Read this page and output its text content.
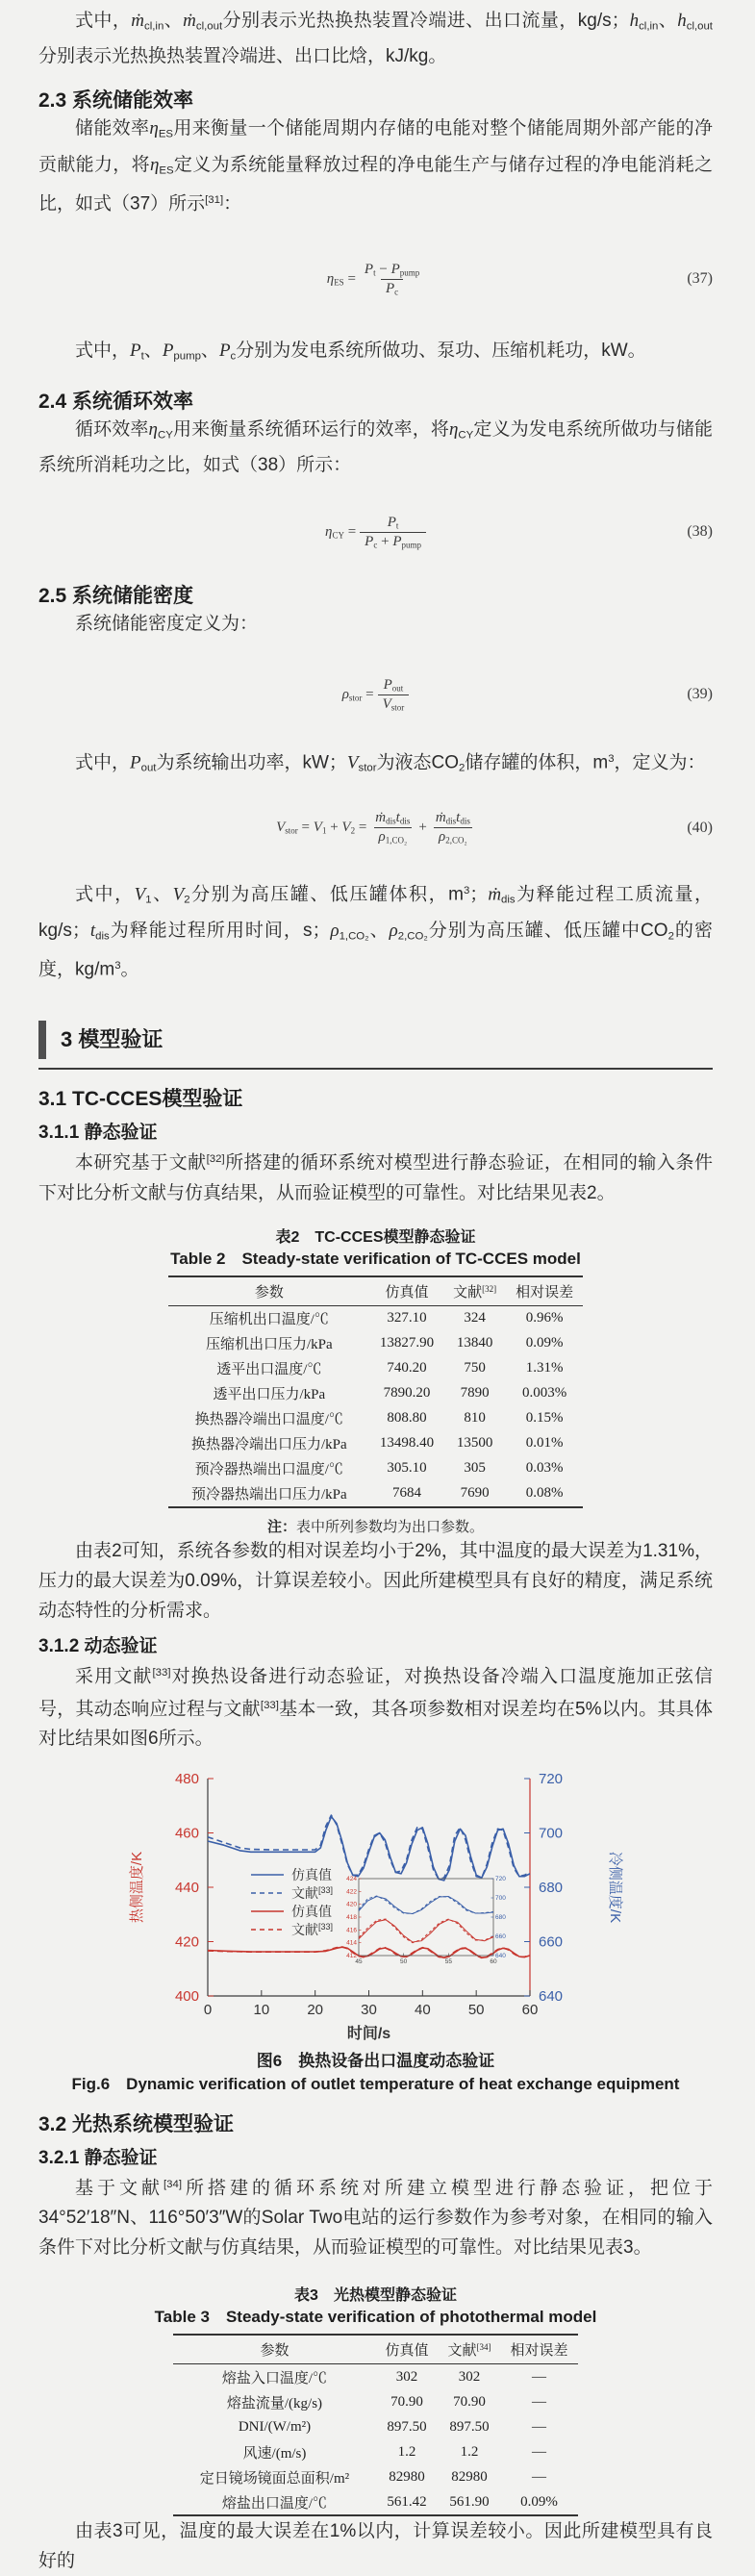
式中，ṁ$_{cl,in}$、ṁ$_{cl,out}$分别表示光热换热装置冷端进、出口流量，kg/s；$h_{cl,in}$、$h_{cl,out}$分别表示光热换热装置冷端进、出口比焓，kJ/kg。

2.3 系统储能效率

储能效率$\eta_{ES}$用来衡量一个储能周期内存储的电能对整个储能周期外部产能的净贡献能力，将$\eta_{ES}$定义为系统能量释放过程的净电能生产与储存过程的净电能消耗之比，如式（37）所示[31]：

$\eta_{ES} = \frac{P_t - P_{pump}}{P_c}$	(37)

式中，$P_t$、$P_{pump}$、$P_c$分别为发电系统所做功、泵功、压缩机耗功，kW。

2.4 系统循环效率

循环效率$\eta_{CY}$用来衡量系统循环运行的效率，将$\eta_{CY}$定义为发电系统所做功与储能系统所消耗功之比，如式（38）所示：

$\eta_{CY} = \frac{P_t}{P_c + P_{pump}}$	(38)
2.5 系统储能密度

系统储能密度定义为：

$\rho_{stor} = \frac{P_{out}}{V_{stor}}$	(39)

式中，$P_{out}$为系统输出功率，kW；$V_{stor}$为液态$CO_2$储存罐的体积，$m^3$，定义为：

$V_{stor} = V_1 + V_2 = \frac{ṁ_{dis}t_{dis}}{\rho_{1,CO_2}} + \frac{ṁ_{dis}t_{dis}}{\rho_{2,CO_2}}$	(40)

式中，$V_1$、$V_2$分别为高压罐、低压罐体积，$m^3$；ṁ$_{dis}$为释能过程工质流量，kg/s；$t_{dis}$为释能过程所用时间，s；$\rho_{1,CO_2}$、$\rho_{2,CO_2}$分别为高压罐、低压罐中$CO_2$的密度，$kg/m^3$。

3 模型验证
3.1 TC-CCES模型验证
3.1.1 静态验证

本研究基于文献[32]所搭建的循环系统对模型进行静态验证，在相同的输入条件下对比分析文献与仿真结果，从而验证模型的可靠性。对比结果见表2。

表2　TC-CCES模型静态验证

Table 2　Steady-state verification of TC-CCES model

参数	仿真值	文献[32]	相对误差
压缩机出口温度/℃	327.10	324	0.96%
压缩机出口压力/kPa	13827.90	13840	0.09%
透平出口温度/℃	740.20	750	1.31%
透平出口压力/kPa	7890.20	7890	0.003%
换热器冷端出口温度/℃	808.80	810	0.15%
换热器冷端出口压力/kPa	13498.40	13500	0.01%
预冷器热端出口温度/℃	305.10	305	0.03%
预冷器热端出口压力/kPa	7684	7690	0.08%

注：表中所列参数均为出口参数。

由表2可知，系统各参数的相对误差均小于2%，其中温度的最大误差为1.31%，压力的最大误差为0.09%，计算误差较小。因此所建模型具有良好的精度，满足系统动态特性的分析需求。

3.1.2 动态验证

采用文献[33]对换热设备进行动态验证，对换热设备冷端入口温度施加正弦信号，其动态响应过程与文献[33]基本一致，其各项参数相对误差均在5%以内。其具体对比结果如图6所示。

400
420
440
460
480
640
660
680
700
720
0	10	20	30	40	50	60
热侧温度/K	冷侧温度/K
时间/s
仿真值
文献[33]
仿真值
文献[33]
412
414
416
418
420
422
424
640
660
680
700
720
45	50	55	60

图6　换热设备出口温度动态验证

Fig.6　Dynamic verification of outlet temperature of heat exchange equipment

3.2 光热系统模型验证
3.2.1 静态验证

基于文献[34]所搭建的循环系统对所建立模型进行静态验证，把位于34°52′18″N、116°50′3″W的Solar Two电站的运行参数作为参考对象，在相同的输入条件下对比分析文献与仿真结果，从而验证模型的可靠性。对比结果见表3。

表3　光热模型静态验证

Table 3　Steady-state verification of photothermal model

参数	仿真值	文献[34]	相对误差
熔盐入口温度/℃	302	302	—
熔盐流量/(kg/s)	70.90	70.90	—
DNI/(W/m²)	897.50	897.50	—
风速/(m/s)	1.2	1.2	—
定日镜场镜面总面积/m²	82980	82980	—
熔盐出口温度/℃	561.42	561.90	0.09%

由表3可见，温度的最大误差在1%以内，计算误差较小。因此所建模型具有良好的
